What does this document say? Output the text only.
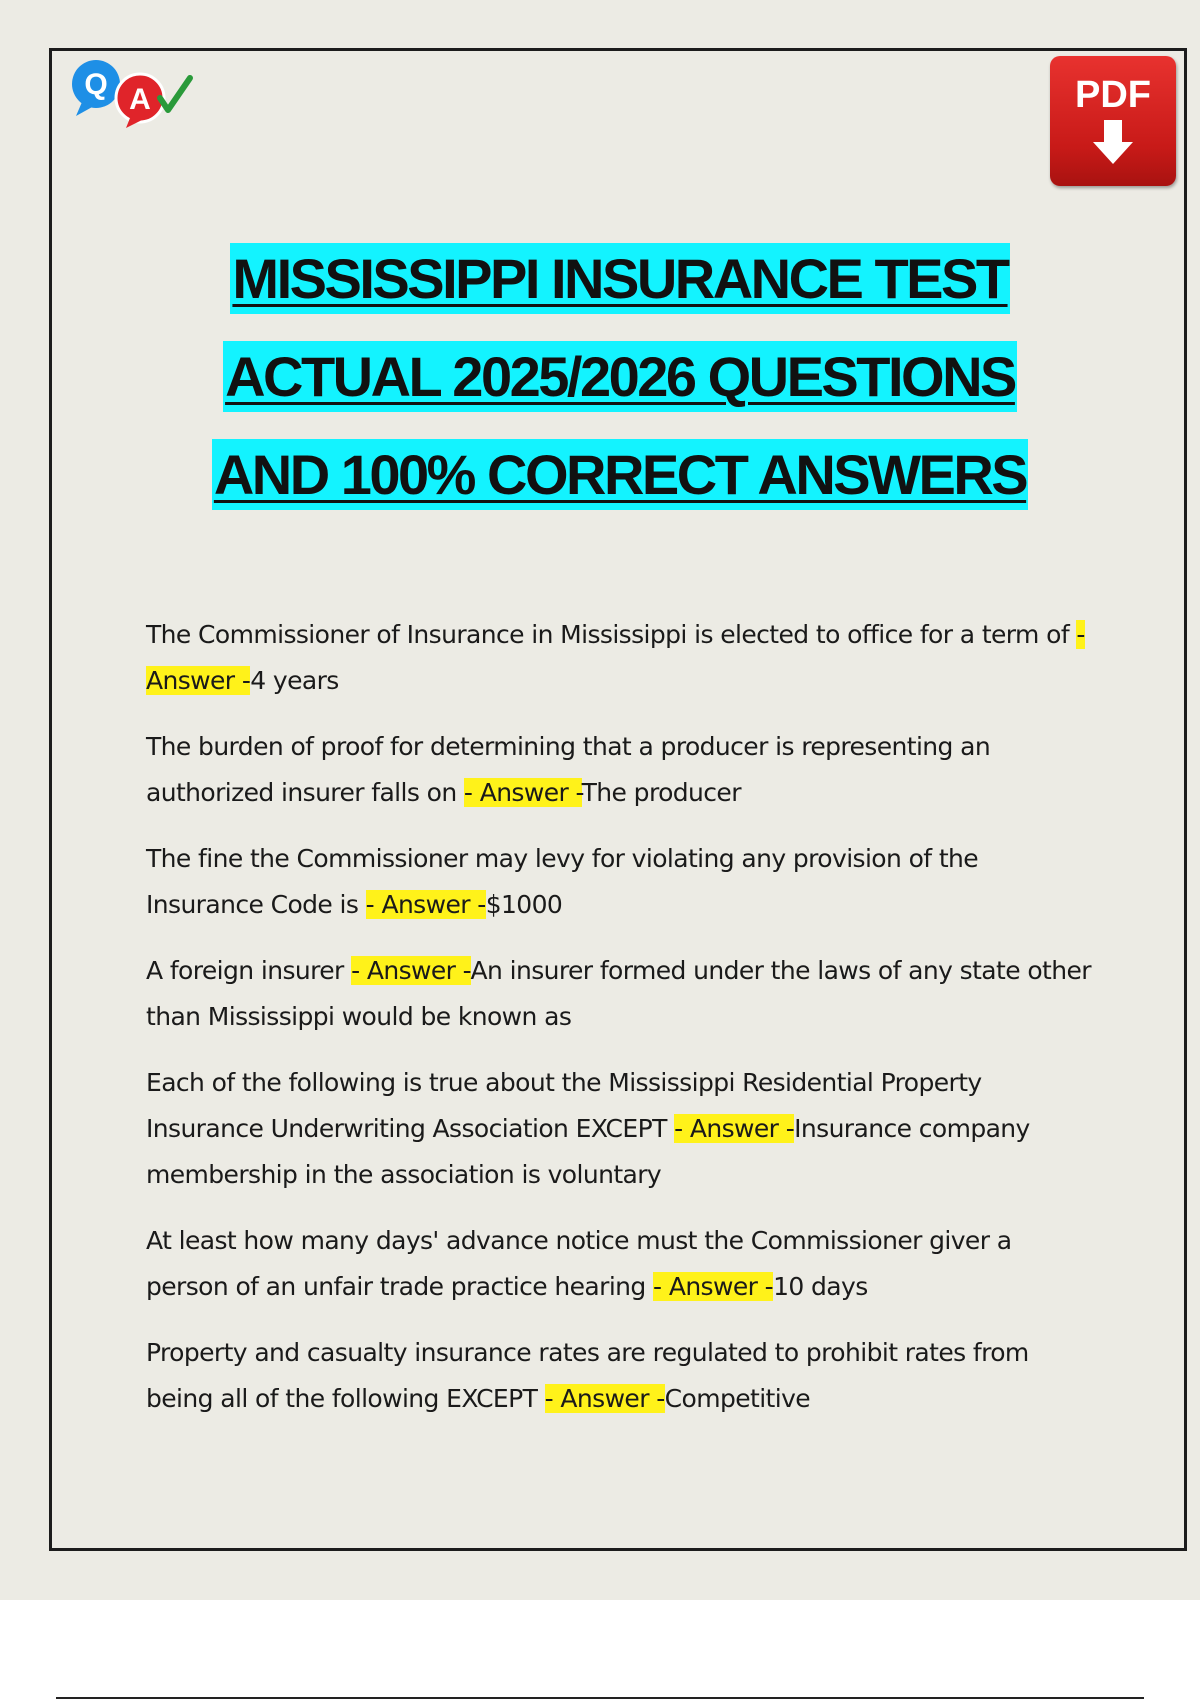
Q A	PDF
MISSISSIPPI INSURANCE TEST
ACTUAL 2025/2026 QUESTIONS
AND 100% CORRECT ANSWERS

The Commissioner of Insurance in Mississippi is elected to office for a term of - Answer -4 years

The burden of proof for determining that a producer is representing an authorized insurer falls on - Answer -The producer

The fine the Commissioner may levy for violating any provision of the Insurance Code is - Answer -$1000

A foreign insurer - Answer -An insurer formed under the laws of any state other than Mississippi would be known as

Each of the following is true about the Mississippi Residential Property Insurance Underwriting Association EXCEPT - Answer -Insurance company membership in the association is voluntary

At least how many days' advance notice must the Commissioner giver a person of an unfair trade practice hearing - Answer -10 days

Property and casualty insurance rates are regulated to prohibit rates from being all of the following EXCEPT - Answer -Competitive
